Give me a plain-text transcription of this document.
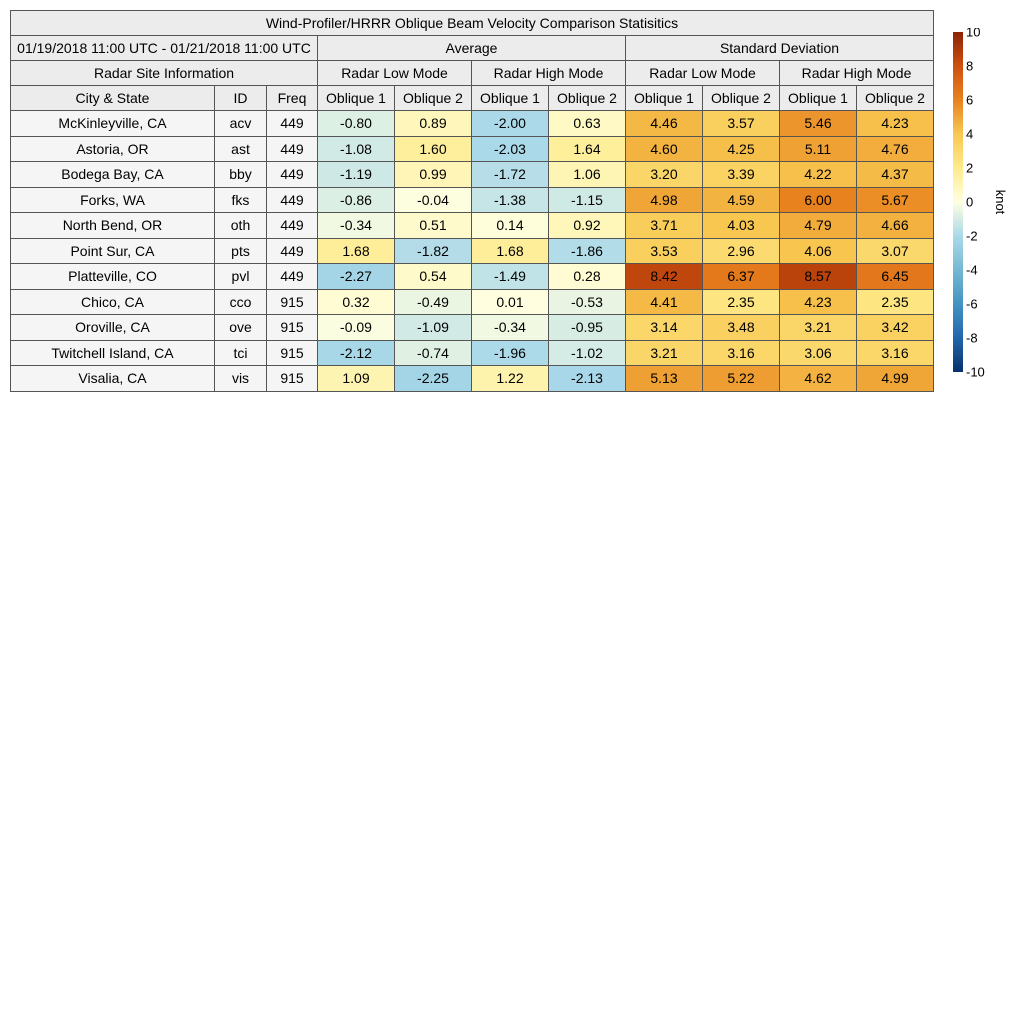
Wind-Profiler/HRRR Oblique Beam Velocity Comparison Statisitics										
01/19/2018 11:00 UTC - 01/21/2018 11:00 UTC			Average				Standard Deviation			
Radar Site Information			Radar Low Mode		Radar High Mode		Radar Low Mode		Radar High Mode	
City & State	ID	Freq	Oblique 1	Oblique 2	Oblique 1	Oblique 2	Oblique 1	Oblique 2	Oblique 1	Oblique 2
McKinleyville, CA	acv	449	-0.80	0.89	-2.00	0.63	4.46	3.57	5.46	4.23
Astoria, OR	ast	449	-1.08	1.60	-2.03	1.64	4.60	4.25	5.11	4.76
Bodega Bay, CA	bby	449	-1.19	0.99	-1.72	1.06	3.20	3.39	4.22	4.37
Forks, WA	fks	449	-0.86	-0.04	-1.38	-1.15	4.98	4.59	6.00	5.67
North Bend, OR	oth	449	-0.34	0.51	0.14	0.92	3.71	4.03	4.79	4.66
Point Sur, CA	pts	449	1.68	-1.82	1.68	-1.86	3.53	2.96	4.06	3.07
Platteville, CO	pvl	449	-2.27	0.54	-1.49	0.28	8.42	6.37	8.57	6.45
Chico, CA	cco	915	0.32	-0.49	0.01	-0.53	4.41	2.35	4.23	2.35
Oroville, CA	ove	915	-0.09	-1.09	-0.34	-0.95	3.14	3.48	3.21	3.42
Twitchell Island, CA	tci	915	-2.12	-0.74	-1.96	-1.02	3.21	3.16	3.06	3.16
Visalia, CA	vis	915	1.09	-2.25	1.22	-2.13	5.13	5.22	4.62	4.99
10
8
6
4
2
0
-2
-4
-6
-8
-10
knot
